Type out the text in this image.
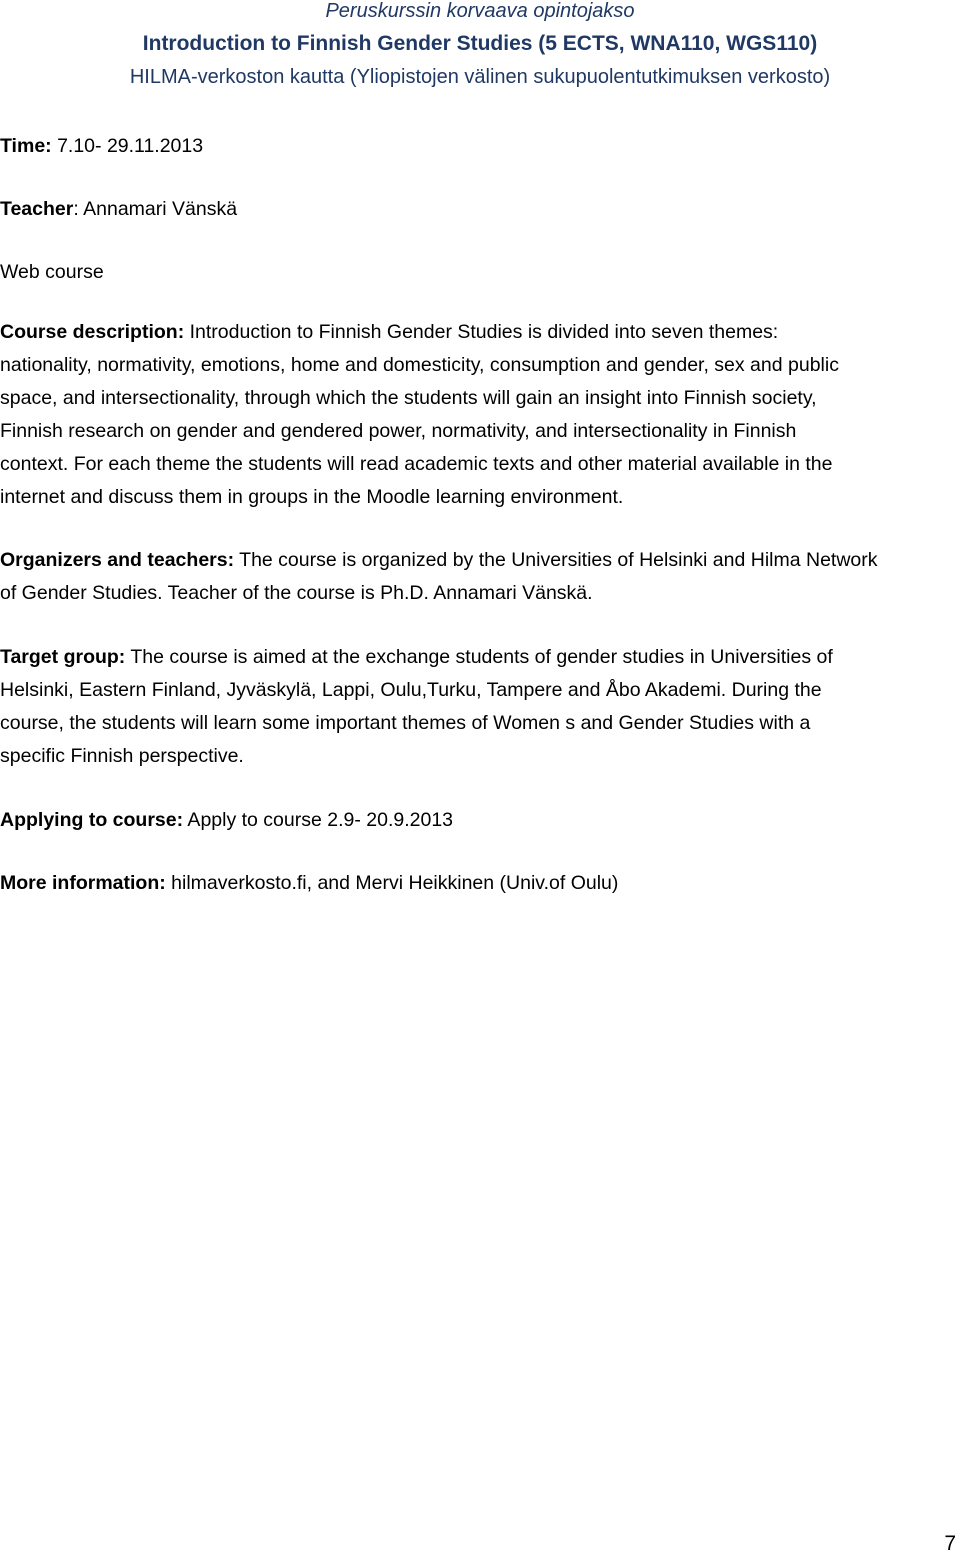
Peruskurssin korvaava opintojakso

Introduction to Finnish Gender Studies (5 ECTS, WNA110, WGS110)

HILMA-verkoston kautta (Yliopistojen välinen sukupuolentutkimuksen verkosto)

Time: 7.10- 29.11.2013

Teacher: Annamari Vänskä

Web course

Course description: Introduction to Finnish Gender Studies is divided into seven themes:
nationality, normativity, emotions, home and domesticity, consumption and gender, sex and public
space, and intersectionality, through which the students will gain an insight into Finnish society,
Finnish research on gender and gendered power, normativity, and intersectionality in Finnish
context. For each theme the students will read academic texts and other material available in the
internet and discuss them in groups in the Moodle learning environment.
Organizers and teachers: The course is organized by the Universities of Helsinki and Hilma Network
of Gender Studies. Teacher of the course is Ph.D. Annamari Vänskä.
Target group: The course is aimed at the exchange students of gender studies in Universities of
Helsinki, Eastern Finland, Jyväskylä, Lappi, Oulu,Turku, Tampere and Åbo Akademi. During the
course, the students will learn some important themes of Women s and Gender Studies with a
specific Finnish perspective.

Applying to course: Apply to course 2.9- 20.9.2013

More information: hilmaverkosto.fi, and Mervi Heikkinen (Univ.of Oulu)

7
